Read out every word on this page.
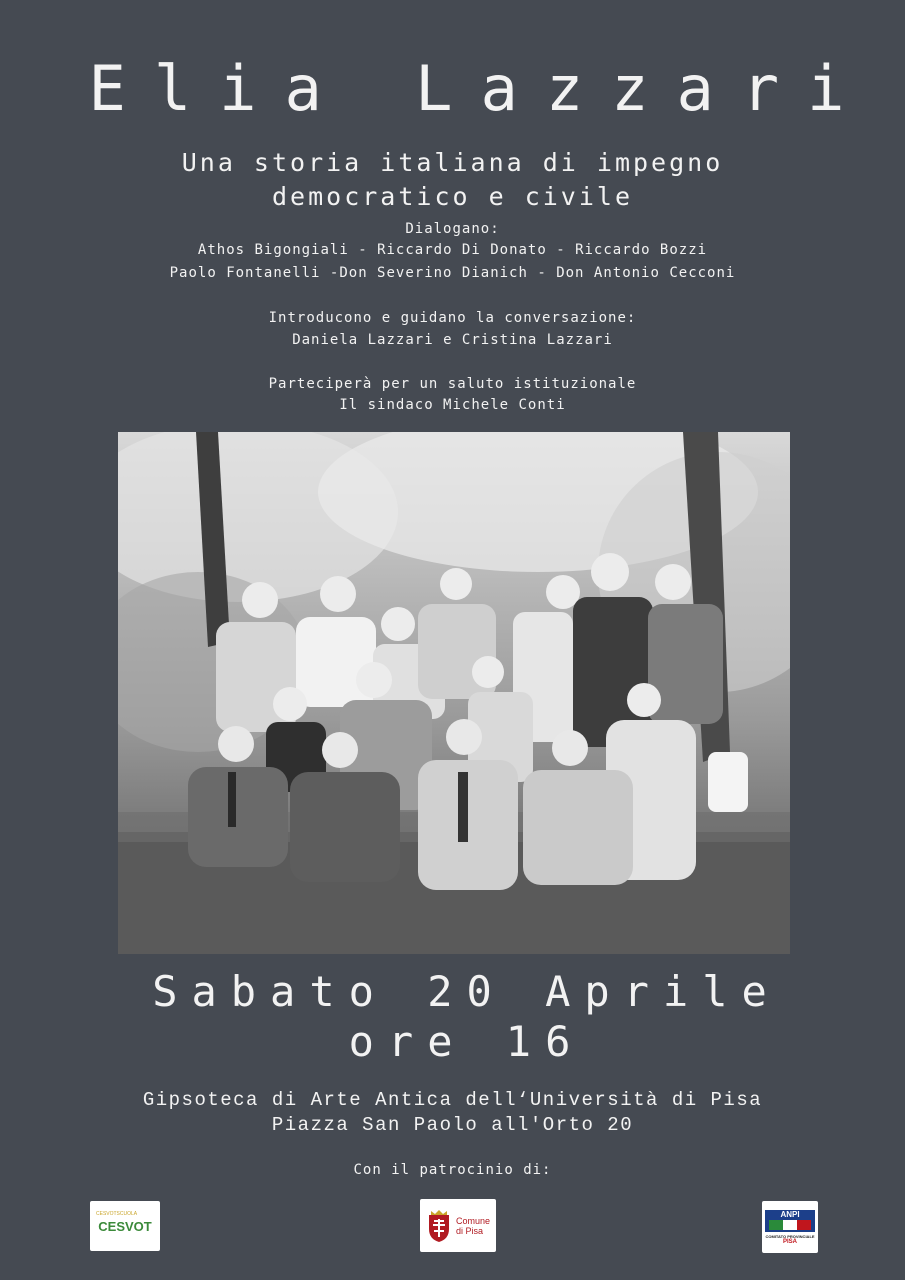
Elia Lazzari
Una storia italiana di impegno
democratico e civile
Dialogano:
Athos Bigongiali - Riccardo Di Donato - Riccardo Bozzi
Paolo Fontanelli -Don Severino Dianich - Don Antonio Cecconi
Introducono e guidano la conversazione:
Daniela Lazzari e Cristina Lazzari
Parteciperà per un saluto istituzionale
Il sindaco Michele Conti
Sabato 20 Aprile
ore 16
Gipsoteca di Arte Antica dell‘Università di Pisa
Piazza San Paolo all'Orto 20
Con il patrocinio di:
CESVOTSCUOLA
CESVOT	Comune
di Pisa
ANPI
COMITATO PROVINCIALE
PISA
